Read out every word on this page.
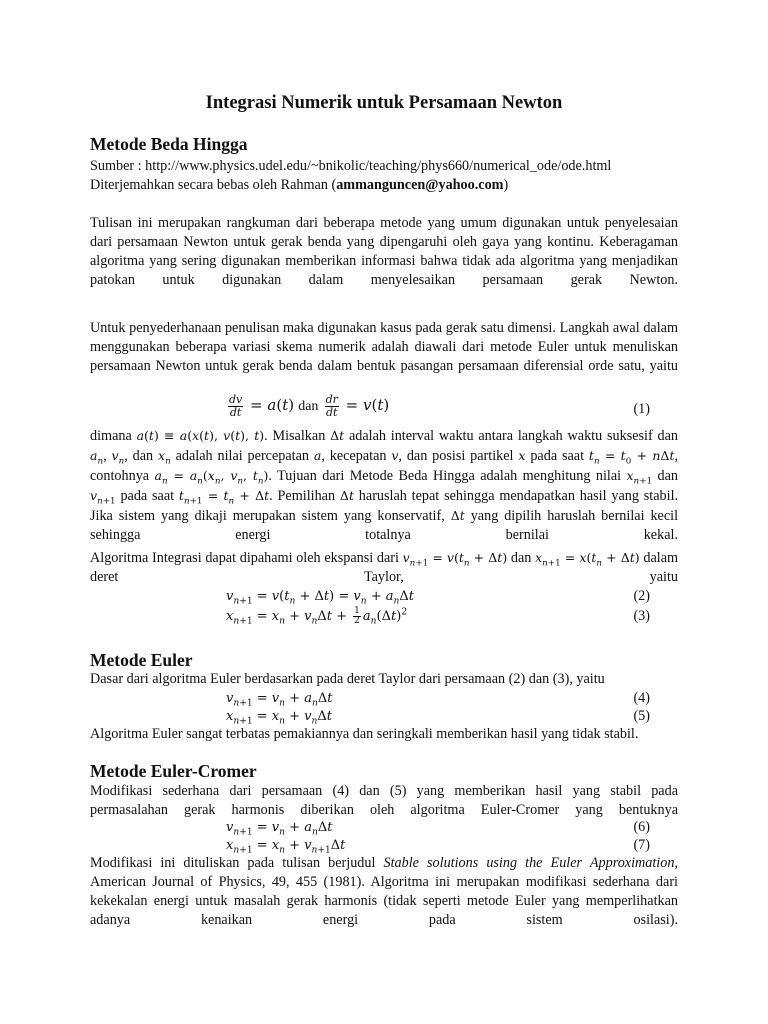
Integrasi Numerik untuk Persamaan Newton
Metode Beda Hingga
Sumber : http://www.physics.udel.edu/~bnikolic/teaching/phys660/numerical_ode/ode.html
Diterjemahkan secara bebas oleh Rahman (ammanguncen@yahoo.com)
Tulisan ini merupakan rangkuman dari beberapa metode yang umum digunakan untuk penyelesaian dari persamaan Newton untuk gerak benda yang dipengaruhi oleh gaya yang kontinu. Keberagaman algoritma yang sering digunakan memberikan informasi bahwa tidak ada algoritma yang menjadikan patokan untuk digunakan dalam menyelesaikan persamaan gerak Newton.
Untuk penyederhanaan penulisan maka digunakan kasus pada gerak satu dimensi. Langkah awal dalam menggunakan beberapa variasi skema numerik adalah diawali dari metode Euler untuk menuliskan persamaan Newton untuk gerak benda dalam bentuk pasangan persamaan diferensial orde satu, yaitu
$\frac{dv}{dt} = a(t)$ dan $\frac{dr}{dt} = v(t)$	(1)
dimana a(t) ≡ a(x(t), v(t), t). Misalkan Δt adalah interval waktu antara langkah waktu suksesif dan $a_n$, $v_n$, dan $x_n$ adalah nilai percepatan a, kecepatan v, dan posisi partikel x pada saat $t_n = t_0 + n\Delta t$, contohnya $a_n = a_n(x_n$, $v_n$, $t_n$). Tujuan dari Metode Beda Hingga adalah menghitung nilai $x_{n+1}$ dan $v_{n+1}$ pada saat $t_{n+1} = t_n + \Delta t$. Pemilihan Δt haruslah tepat sehingga mendapatkan hasil yang stabil. Jika sistem yang dikaji merupakan sistem yang konservatif, Δt yang dipilih haruslah bernilai kecil sehingga energi totalnya bernilai kekal.
Algoritma Integrasi dapat dipahami oleh ekspansi dari $v_{n+1} = v(t_n + \Delta t)$ dan $x_{n+1} = x(t_n + \Delta t)$ dalam deret Taylor, yaitu
$v_{n+1} = v(t_n + \Delta t) = v_n + a_n\Delta t$	(2)
$x_{n+1} = x_n + v_n\Delta t + \frac{1}{2} a_n(\Delta t)^2$	(3)
Metode Euler
Dasar dari algoritma Euler berdasarkan pada deret Taylor dari persamaan (2) dan (3), yaitu
$v_{n+1} = v_n + a_n\Delta t$	(4)
$x_{n+1} = x_n + v_n\Delta t$	(5)
Algoritma Euler sangat terbatas pemakiannya dan seringkali memberikan hasil yang tidak stabil.
Metode Euler-Cromer
Modifikasi sederhana dari persamaan (4) dan (5) yang memberikan hasil yang stabil pada permasalahan gerak harmonis diberikan oleh algoritma Euler-Cromer yang bentuknya
$v_{n+1} = v_n + a_n\Delta t$	(6)
$x_{n+1} = x_n + v_{n+1}\Delta t$	(7)
Modifikasi ini dituliskan pada tulisan berjudul Stable solutions using the Euler Approximation, American Journal of Physics, 49, 455 (1981). Algoritma ini merupakan modifikasi sederhana dari kekekalan energi untuk masalah gerak harmonis (tidak seperti metode Euler yang memperlihatkan adanya kenaikan energi pada sistem osilasi).
